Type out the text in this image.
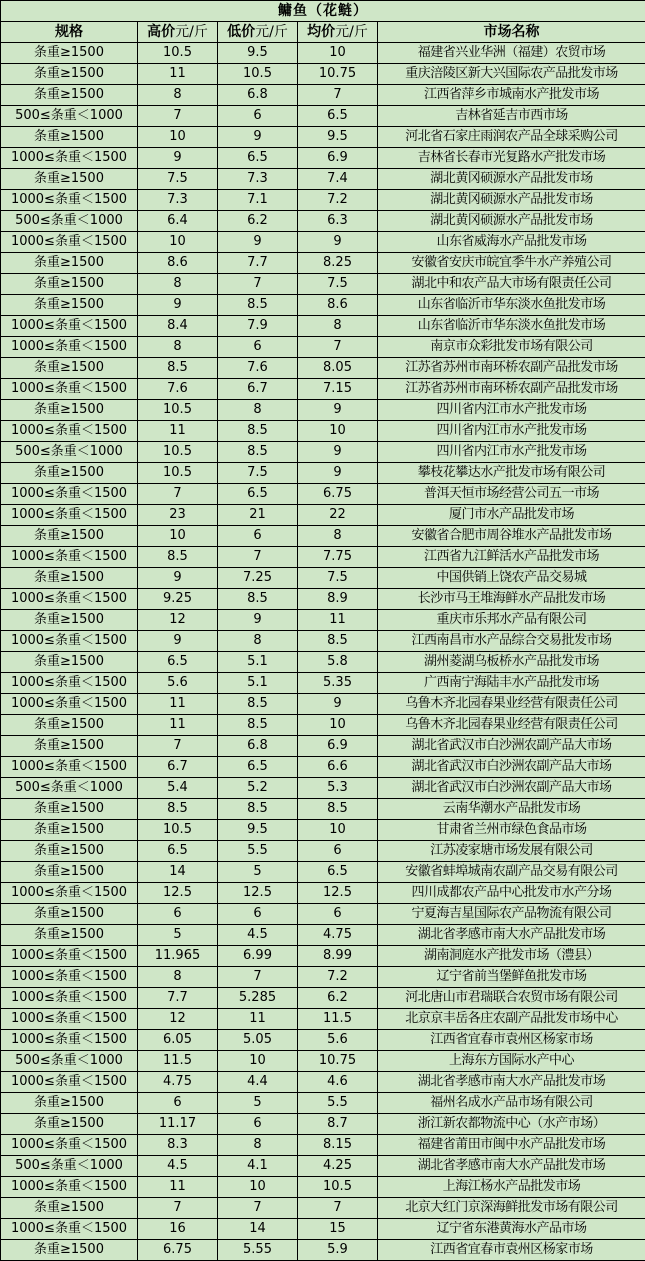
鳙鱼（花鲢）				
规格	高价元/斤	低价元/斤	均价元/斤	市场名称
条重≥1500	10.5	9.5	10	福建省兴业华洲（福建）农贸市场
条重≥1500	11	10.5	10.75	重庆涪陵区新大兴国际农产品批发市场
条重≥1500	8	6.8	7	江西省萍乡市城南水产批发市场
500≤条重＜1000	7	6	6.5	吉林省延吉市西市场
条重≥1500	10	9	9.5	河北省石家庄雨润农产品全球采购公司
1000≤条重＜1500	9	6.5	6.9	吉林省长春市光复路水产批发市场
条重≥1500	7.5	7.3	7.4	湖北黄冈硕源水产品批发市场
1000≤条重＜1500	7.3	7.1	7.2	湖北黄冈硕源水产品批发市场
500≤条重＜1000	6.4	6.2	6.3	湖北黄冈硕源水产品批发市场
1000≤条重＜1500	10	9	9	山东省威海水产品批发市场
条重≥1500	8.6	7.7	8.25	安徽省安庆市皖宜季牛水产养殖公司
条重≥1500	8	7	7.5	湖北中和农产品大市场有限责任公司
条重≥1500	9	8.5	8.6	山东省临沂市华东淡水鱼批发市场
1000≤条重＜1500	8.4	7.9	8	山东省临沂市华东淡水鱼批发市场
1000≤条重＜1500	8	6	7	南京市众彩批发市场有限公司
条重≥1500	8.5	7.6	8.05	江苏省苏州市南环桥农副产品批发市场
1000≤条重＜1500	7.6	6.7	7.15	江苏省苏州市南环桥农副产品批发市场
条重≥1500	10.5	8	9	四川省内江市水产批发市场
1000≤条重＜1500	11	8.5	10	四川省内江市水产批发市场
500≤条重＜1000	10.5	8.5	9	四川省内江市水产批发市场
条重≥1500	10.5	7.5	9	攀枝花攀达水产批发市场有限公司
1000≤条重＜1500	7	6.5	6.75	普洱天恒市场经营公司五一市场
1000≤条重＜1500	23	21	22	厦门市水产品批发市场
条重≥1500	10	6	8	安徽省合肥市周谷堆水产品批发市场
1000≤条重＜1500	8.5	7	7.75	江西省九江鲜活水产品批发市场
条重≥1500	9	7.25	7.5	中国供销上饶农产品交易城
1000≤条重＜1500	9.25	8.5	8.9	长沙市马王堆海鲜水产品批发市场
条重≥1500	12	9	11	重庆市乐邦水产品有限公司
1000≤条重＜1500	9	8	8.5	江西南昌市水产品综合交易批发市场
条重≥1500	6.5	5.1	5.8	湖州菱湖乌板桥水产品批发市场
1000≤条重＜1500	5.6	5.1	5.35	广西南宁海陆丰水产品批发市场
1000≤条重＜1500	11	8.5	9	乌鲁木齐北园春果业经营有限责任公司
条重≥1500	11	8.5	10	乌鲁木齐北园春果业经营有限责任公司
条重≥1500	7	6.8	6.9	湖北省武汉市白沙洲农副产品大市场
1000≤条重＜1500	6.7	6.5	6.6	湖北省武汉市白沙洲农副产品大市场
500≤条重＜1000	5.4	5.2	5.3	湖北省武汉市白沙洲农副产品大市场
条重≥1500	8.5	8.5	8.5	云南华潮水产品批发市场
条重≥1500	10.5	9.5	10	甘肃省兰州市绿色食品市场
条重≥1500	6.5	5.5	6	江苏凌家塘市场发展有限公司
条重≥1500	14	5	6.5	安徽省蚌埠城南农副产品交易有限公司
1000≤条重＜1500	12.5	12.5	12.5	四川成都农产品中心批发市水产分场
条重≥1500	6	6	6	宁夏海吉星国际农产品物流有限公司
条重≥1500	5	4.5	4.75	湖北省孝感市南大水产品批发市场
1000≤条重＜1500	11.965	6.99	8.99	湖南洞庭水产批发市场（澧县）
1000≤条重＜1500	8	7	7.2	辽宁省前当堡鲜鱼批发市场
1000≤条重＜1500	7.7	5.285	6.2	河北唐山市君瑞联合农贸市场有限公司
1000≤条重＜1500	12	11	11.5	北京京丰岳各庄农副产品批发市场中心
1000≤条重＜1500	6.05	5.05	5.6	江西省宜春市袁州区杨家市场
500≤条重＜1000	11.5	10	10.75	上海东方国际水产中心
1000≤条重＜1500	4.75	4.4	4.6	湖北省孝感市南大水产品批发市场
条重≥1500	6	5	5.5	福州名成水产品市场有限公司
条重≥1500	11.17	6	8.7	浙江新农都物流中心（水产市场）
1000≤条重＜1500	8.3	8	8.15	福建省莆田市闽中水产品批发市场
500≤条重＜1000	4.5	4.1	4.25	湖北省孝感市南大水产品批发市场
1000≤条重＜1500	11	10	10.5	上海江杨水产品批发市场
条重≥1500	7	7	7	北京大红门京深海鲜批发市场有限公司
1000≤条重＜1500	16	14	15	辽宁省东港黄海水产品市场
条重≥1500	6.75	5.55	5.9	江西省宜春市袁州区杨家市场
